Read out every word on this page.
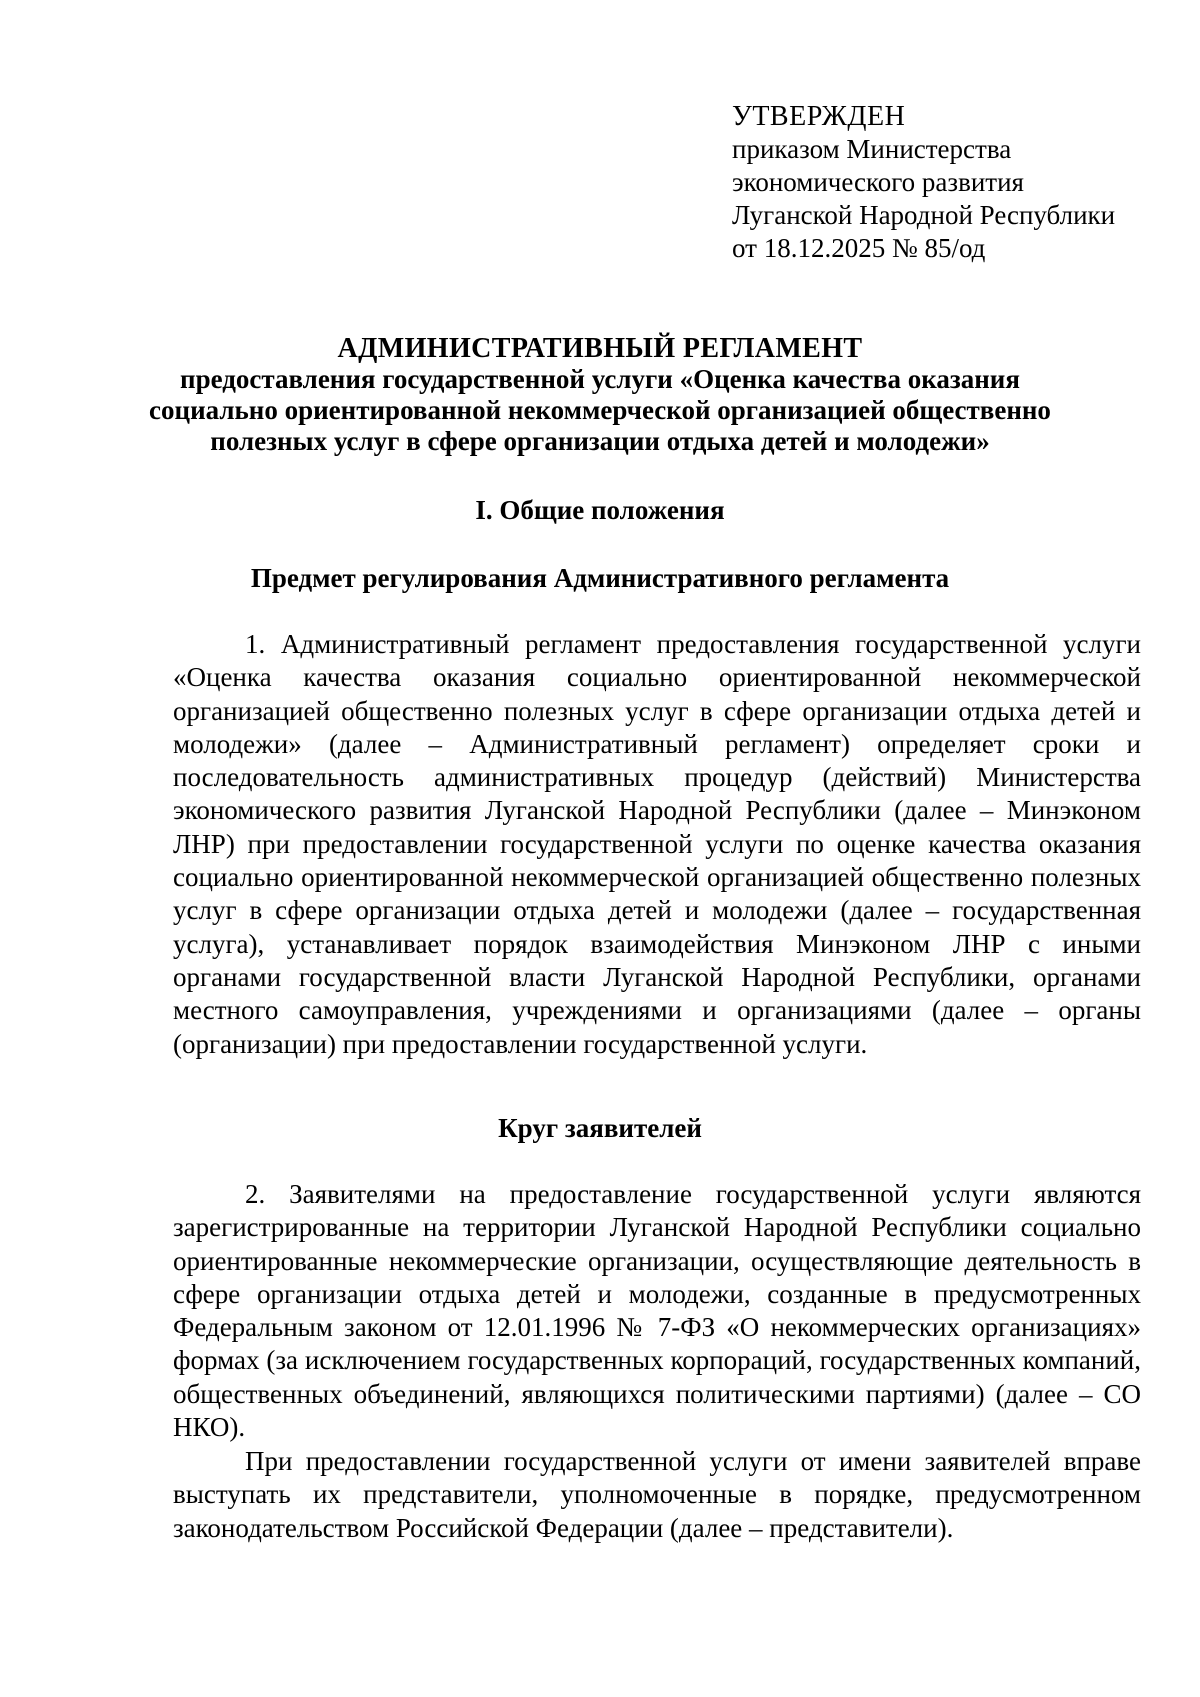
УТВЕРЖДЕН
приказом Министерства
экономического развития
Луганской Народной Республики
от 18.12.2025 № 85/од
АДМИНИСТРАТИВНЫЙ РЕГЛАМЕНТ
предоставления государственной услуги «Оценка качества оказания
социально ориентированной некоммерческой организацией общественно
полезных услуг в сфере организации отдыха детей и молодежи»
I. Общие положения
Предмет регулирования Административного регламента
1. Административный регламент предоставления государственной услуги «Оценка качества оказания социально ориентированной некоммерческой организацией общественно полезных услуг в сфере организации отдыха детей и молодежи» (далее – Административный регламент) определяет сроки и последовательность административных процедур (действий) Министерства экономического развития Луганской Народной Республики (далее – Минэконом ЛНР) при предоставлении государственной услуги по оценке качества оказания социально ориентированной некоммерческой организацией общественно полезных услуг в сфере организации отдыха детей и молодежи (далее – государственная услуга), устанавливает порядок взаимодействия Минэконом ЛНР с иными органами государственной власти Луганской Народной Республики, органами местного самоуправления, учреждениями и организациями (далее – органы (организации) при предоставлении государственной услуги.
Круг заявителей
2. Заявителями на предоставление государственной услуги являются зарегистрированные на территории Луганской Народной Республики социально ориентированные некоммерческие организации, осуществляющие деятельность в сфере организации отдыха детей и молодежи, созданные в предусмотренных Федеральным законом от 12.01.1996 № 7-ФЗ «О некоммерческих организациях» формах (за исключением государственных корпораций, государственных компаний, общественных объединений, являющихся политическими партиями) (далее – СО НКО).
При предоставлении государственной услуги от имени заявителей вправе выступать их представители, уполномоченные в порядке, предусмотренном законодательством Российской Федерации (далее – представители).
